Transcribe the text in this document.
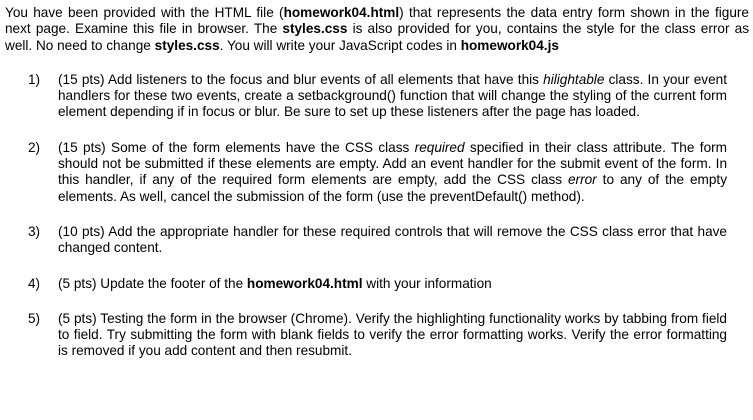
You have been provided with the HTML file (homework04.html) that represents the data entry form shown in the figure next page. Examine this file in browser. The styles.css is also provided for you, contains the style for the class error as well. No need to change styles.css. You will write your JavaScript codes in homework04.js

1)	(15 pts) Add listeners to the focus and blur events of all elements that have this hilightable class. In your event handlers for these two events, create a setbackground() function that will change the styling of the current form element depending if in focus or blur. Be sure to set up these listeners after the page has loaded.
2)	(15 pts) Some of the form elements have the CSS class required specified in their class attribute. The form should not be submitted if these elements are empty. Add an event handler for the submit event of the form. In this handler, if any of the required form elements are empty, add the CSS class error to any of the empty elements. As well, cancel the submission of the form (use the preventDefault() method).
3)	(10 pts) Add the appropriate handler for these required controls that will remove the CSS class error that have changed content.
4)	(5 pts) Update the footer of the homework04.html with your information
5)	(5 pts) Testing the form in the browser (Chrome). Verify the highlighting functionality works by tabbing from field to field. Try submitting the form with blank fields to verify the error formatting works. Verify the error formatting is removed if you add content and then resubmit.
